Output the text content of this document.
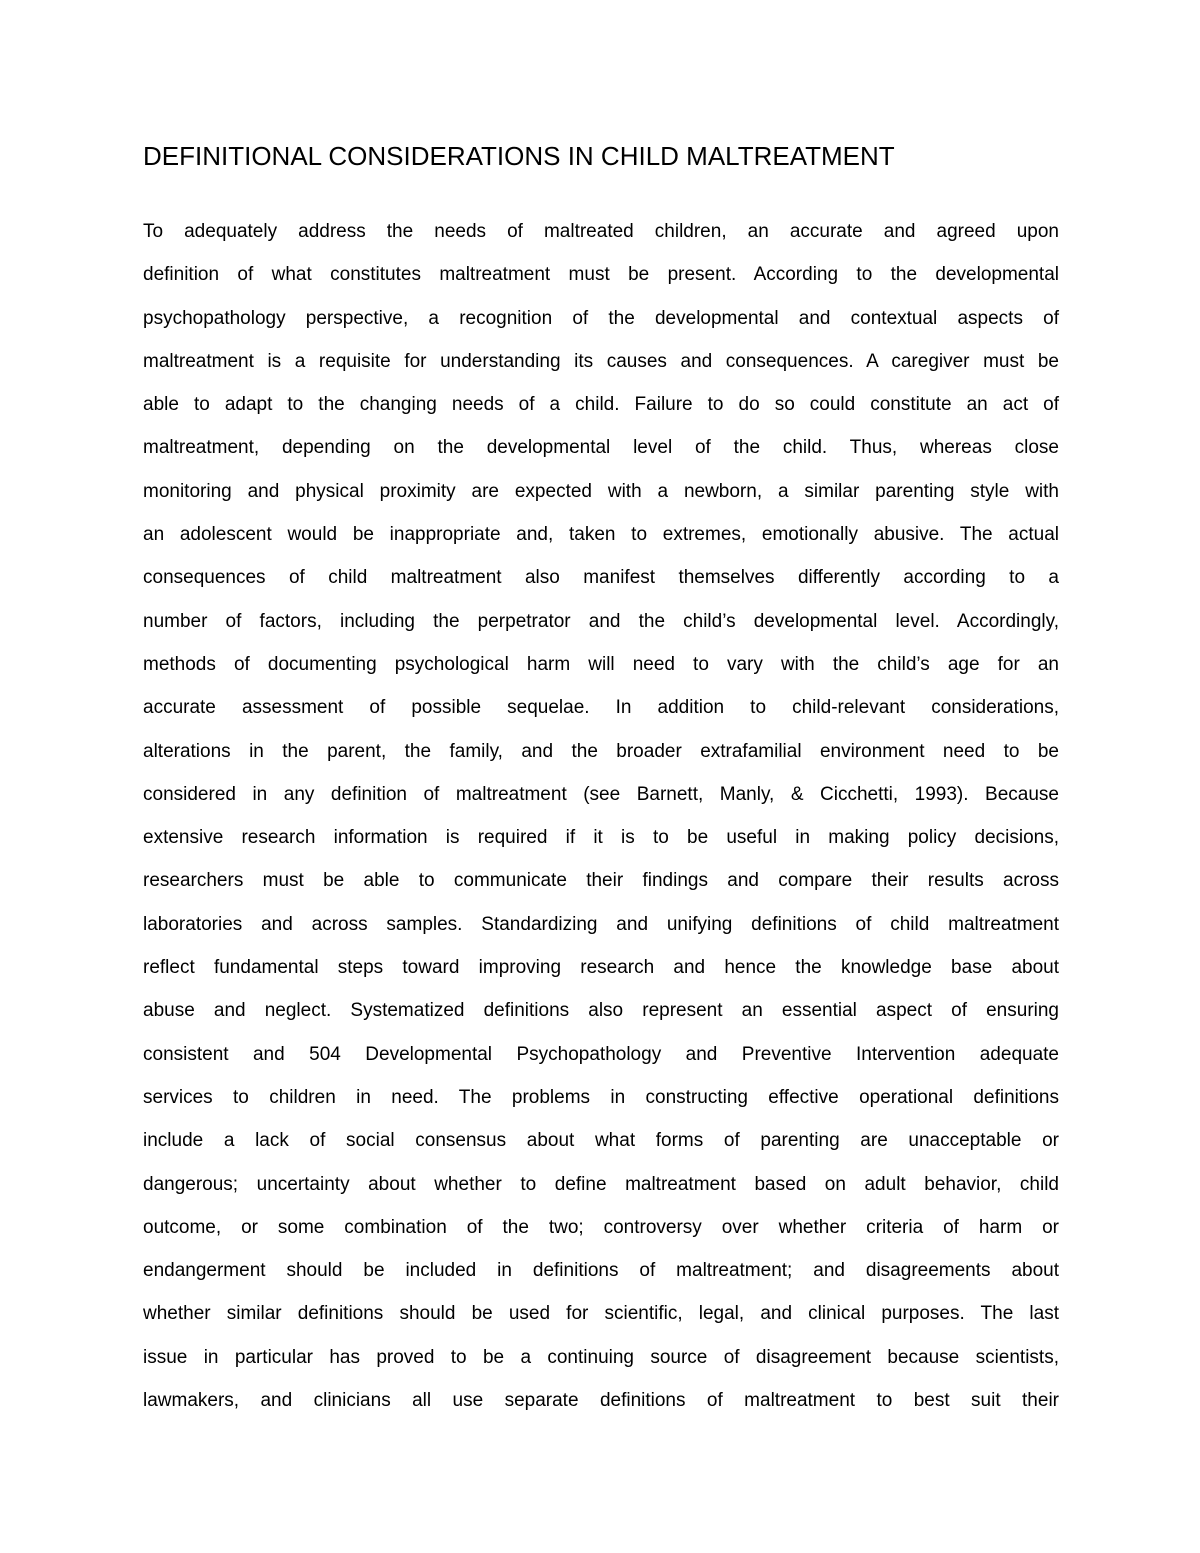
DEFINITIONAL CONSIDERATIONS IN CHILD MALTREATMENT
To adequately address the needs of maltreated children, an accurate and agreed upon
definition of what constitutes maltreatment must be present. According to the developmental
psychopathology perspective, a recognition of the developmental and contextual aspects of
maltreatment is a requisite for understanding its causes and consequences. A caregiver must be
able to adapt to the changing needs of a child. Failure to do so could constitute an act of
maltreatment, depending on the developmental level of the child. Thus, whereas close
monitoring and physical proximity are expected with a newborn, a similar parenting style with
an adolescent would be inappropriate and, taken to extremes, emotionally abusive. The actual
consequences of child maltreatment also manifest themselves differently according to a
number of factors, including the perpetrator and the child’s developmental level. Accordingly,
methods of documenting psychological harm will need to vary with the child’s age for an
accurate assessment of possible sequelae. In addition to child-relevant considerations,
alterations in the parent, the family, and the broader extrafamilial environment need to be
considered in any definition of maltreatment (see Barnett, Manly, & Cicchetti, 1993). Because
extensive research information is required if it is to be useful in making policy decisions,
researchers must be able to communicate their findings and compare their results across
laboratories and across samples. Standardizing and unifying definitions of child maltreatment
reflect fundamental steps toward improving research and hence the knowledge base about
abuse and neglect. Systematized definitions also represent an essential aspect of ensuring
consistent and 504 Developmental Psychopathology and Preventive Intervention adequate
services to children in need. The problems in constructing effective operational definitions
include a lack of social consensus about what forms of parenting are unacceptable or
dangerous; uncertainty about whether to define maltreatment based on adult behavior, child
outcome, or some combination of the two; controversy over whether criteria of harm or
endangerment should be included in definitions of maltreatment; and disagreements about
whether similar definitions should be used for scientific, legal, and clinical purposes. The last
issue in particular has proved to be a continuing source of disagreement because scientists,
lawmakers, and clinicians all use separate definitions of maltreatment to best suit their
